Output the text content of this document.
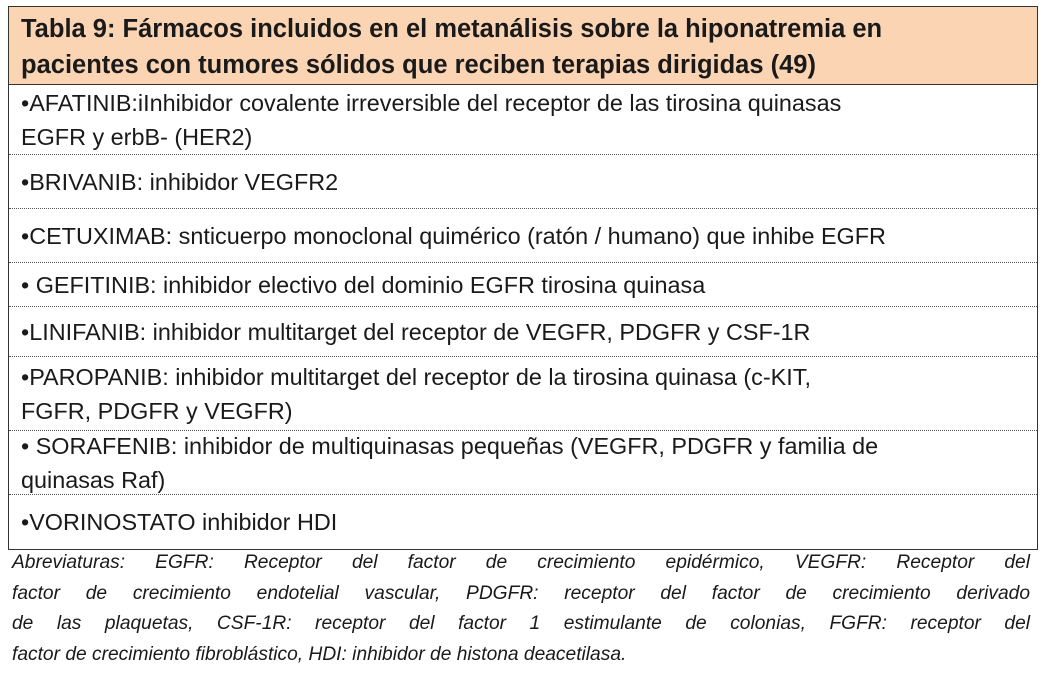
Tabla 9: Fármacos incluidos en el metanálisis sobre la hiponatremia en
pacientes con tumores sólidos que reciben terapias dirigidas (49)
•AFATINIB:iInhibidor covalente irreversible del receptor de las tirosina quinasas
EGFR y erbB- (HER2)
•BRIVANIB: inhibidor VEGFR2
•CETUXIMAB: snticuerpo monoclonal quimérico (ratón / humano) que inhibe EGFR
• GEFITINIB: inhibidor electivo del dominio EGFR tirosina quinasa
•LINIFANIB: inhibidor multitarget del receptor de VEGFR, PDGFR y CSF-1R
•PAROPANIB: inhibidor multitarget del receptor de la tirosina quinasa (c-KIT,
FGFR, PDGFR y VEGFR)
• SORAFENIB: inhibidor de multiquinasas pequeñas (VEGFR, PDGFR y familia de
quinasas Raf)
•VORINOSTATO inhibidor HDI
Abreviaturas: EGFR: Receptor del factor de crecimiento epidérmico, VEGFR: Receptor del
factor de crecimiento endotelial vascular, PDGFR: receptor del factor de crecimiento derivado
de las plaquetas, CSF-1R: receptor del factor 1 estimulante de colonias, FGFR: receptor del
factor de crecimiento fibroblástico, HDI: inhibidor de histona deacetilasa.
